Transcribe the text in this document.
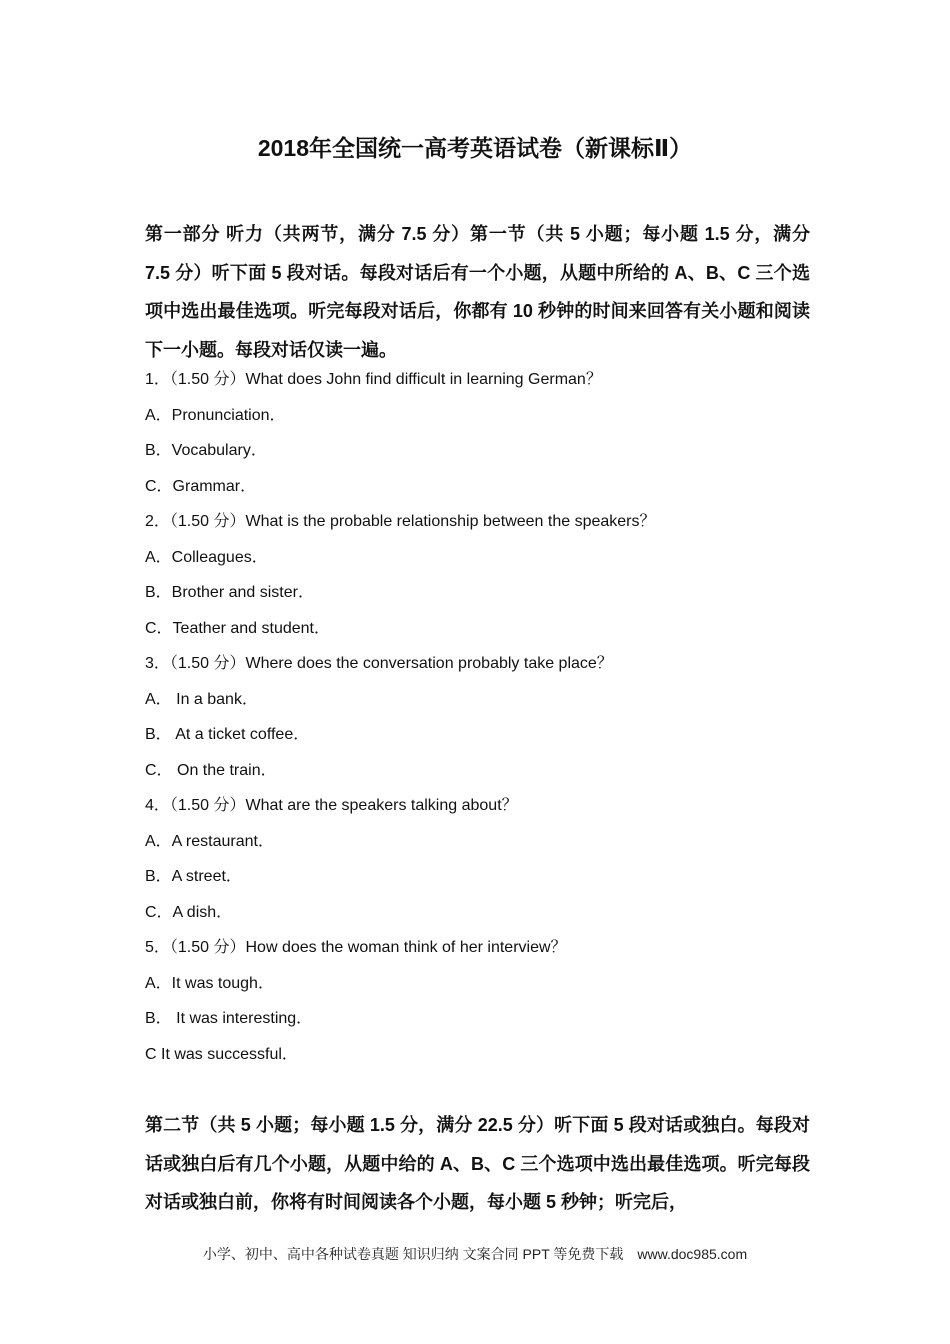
2018年全国统一高考英语试卷（新课标Ⅱ）

第一部分 听力（共两节，满分 7.5 分）第一节（共 5 小题；每小题 1.5 分，满分 7.5 分）听下面 5 段对话。每段对话后有一个小题，从题中所给的 A、B、C 三个选项中选出最佳选项。听完每段对话后，你都有 10 秒钟的时间来回答有关小题和阅读下一小题。每段对话仅读一遍。

1．（1.50 分）What does John find difficult in learning German？
A．Pronunciation．
B．Vocabulary．
C．Grammar．
2．（1.50 分）What is the probable relationship between the speakers？
A．Colleagues．
B．Brother and sister．
C．Teather and student．
3．（1.50 分）Where does the conversation probably take place？
A． In a bank．
B． At a ticket coffee．
C． On the train．
4．（1.50 分）What are the speakers talking about？
A．A restaurant．
B．A street．
C．A dish．
5．（1.50 分）How does the woman think of her interview？
A．It was tough．
B． It was interesting．
C It was successful．

第二节（共 5 小题；每小题 1.5 分，满分 22.5 分）听下面 5 段对话或独白。每段对话或独白后有几个小题，从题中给的 A、B、C 三个选项中选出最佳选项。听完每段对话或独白前，你将有时间阅读各个小题，每小题 5 秒钟；听完后，

小学、初中、高中各种试卷真题 知识归纳 文案合同 PPT 等免费下载　www.doc985.com
